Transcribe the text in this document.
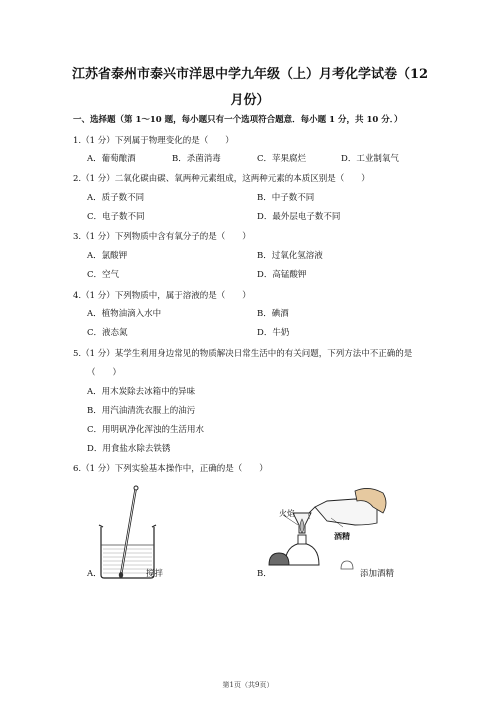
江苏省泰州市泰兴市洋思中学九年级（上）月考化学试卷（12
月份）
一、选择题（第 1～10 题，每小题只有一个选项符合题意．每小题 1 分，共 10 分．）
1.（1 分）下列属于物理变化的是（　　）
A．葡萄酿酒	B．杀菌消毒	C．苹果腐烂	D．工业制氧气
2.（1 分）二氧化碳由碳、氧两种元素组成，这两种元素的本质区别是（　　）
A．质子数不同	B．中子数不同
C．电子数不同	D．最外层电子数不同
3.（1 分）下列物质中含有氧分子的是（　　）
A．氯酸钾	B．过氧化氢溶液
C．空气	D．高锰酸钾
4.（1 分）下列物质中，属于溶液的是（　　）
A．植物油滴入水中	B．碘酒
C．液态氮	D．牛奶
5.（1 分）某学生利用身边常见的物质解决日常生活中的有关问题，下列方法中不正确的是
（　　）
A．用木炭除去冰箱中的异味
B．用汽油清洗衣服上的油污
C．用明矾净化浑浊的生活用水
D．用食盐水除去铁锈
6.（1 分）下列实验基本操作中，正确的是（　　）
A．	搅拌
火焰
酒精
B．	添加酒精
第1页（共9页）
